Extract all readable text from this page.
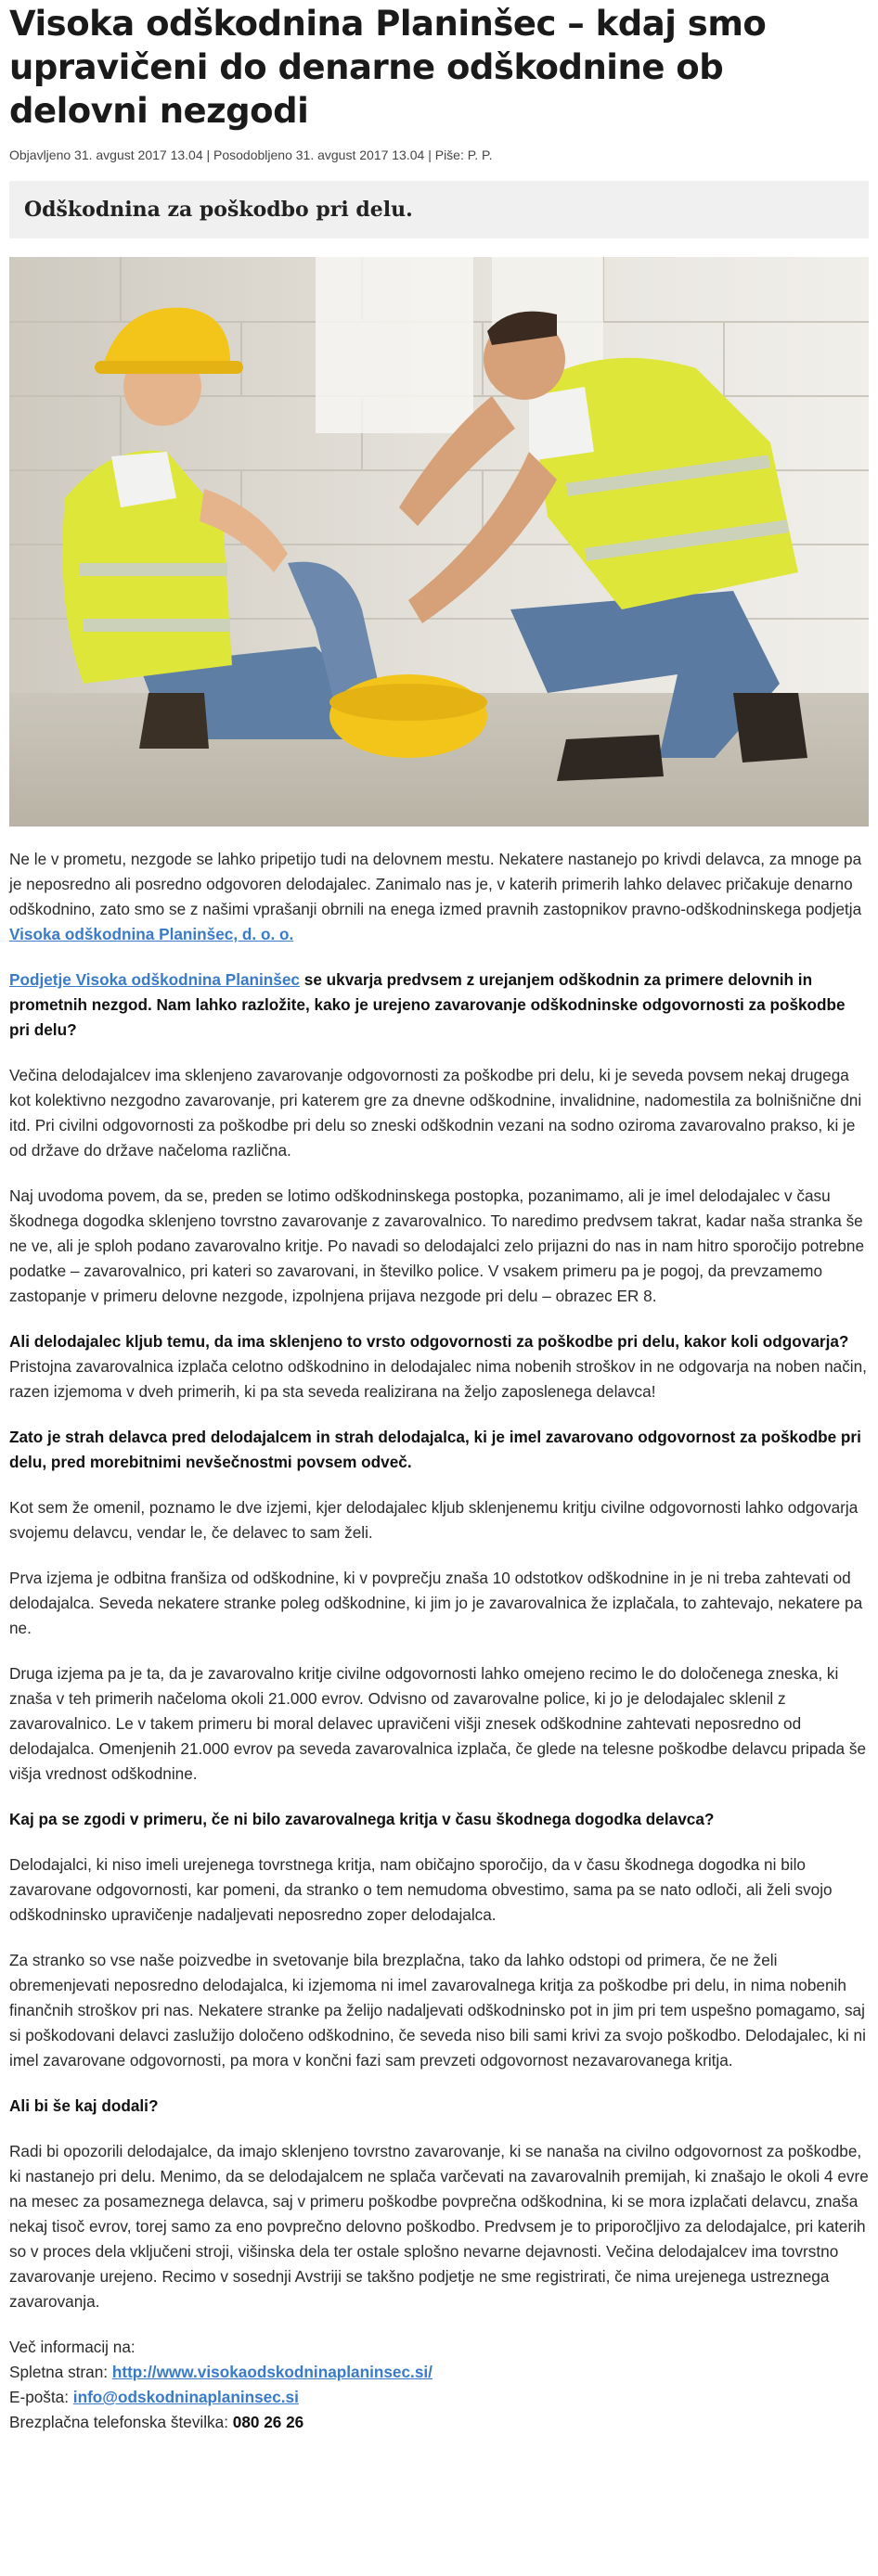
Visoka odškodnina Planinšec – kdaj smo upravičeni do denarne odškodnine ob delovni nezgodi
Objavljeno 31. avgust 2017 13.04 | Posodobljeno 31. avgust 2017 13.04 | Piše: P. P.
Odškodnina za poškodbo pri delu.

Ne le v prometu, nezgode se lahko pripetijo tudi na delovnem mestu. Nekatere nastanejo po krivdi delavca, za mnoge pa je neposredno ali posredno odgovoren delodajalec. Zanimalo nas je, v katerih primerih lahko delavec pričakuje denarno odškodnino, zato smo se z našimi vprašanji obrnili na enega izmed pravnih zastopnikov pravno-odškodninskega podjetja Visoka odškodnina Planinšec, d. o. o.

Podjetje Visoka odškodnina Planinšec se ukvarja predvsem z urejanjem odškodnin za primere delovnih in prometnih nezgod. Nam lahko razložite, kako je urejeno zavarovanje odškodninske odgovornosti za poškodbe pri delu?

Večina delodajalcev ima sklenjeno zavarovanje odgovornosti za poškodbe pri delu, ki je seveda povsem nekaj drugega kot kolektivno nezgodno zavarovanje, pri katerem gre za dnevne odškodnine, invalidnine, nadomestila za bolnišnične dni itd. Pri civilni odgovornosti za poškodbe pri delu so zneski odškodnin vezani na sodno oziroma zavarovalno prakso, ki je od države do države načeloma različna.

Naj uvodoma povem, da se, preden se lotimo odškodninskega postopka, pozanimamo, ali je imel delodajalec v času škodnega dogodka sklenjeno tovrstno zavarovanje z zavarovalnico. To naredimo predvsem takrat, kadar naša stranka še ne ve, ali je sploh podano zavarovalno kritje. Po navadi so delodajalci zelo prijazni do nas in nam hitro sporočijo potrebne podatke – zavarovalnico, pri kateri so zavarovani, in številko police. V vsakem primeru pa je pogoj, da prevzamemo zastopanje v primeru delovne nezgode, izpolnjena prijava nezgode pri delu – obrazec ER 8.

Ali delodajalec kljub temu, da ima sklenjeno to vrsto odgovornosti za poškodbe pri delu, kakor koli odgovarja?Pristojna zavarovalnica izplača celotno odškodnino in delodajalec nima nobenih stroškov in ne odgovarja na noben način, razen izjemoma v dveh primerih, ki pa sta seveda realizirana na željo zaposlenega delavca!

Zato je strah delavca pred delodajalcem in strah delodajalca, ki je imel zavarovano odgovornost za poškodbe pri delu, pred morebitnimi nevšečnostmi povsem odveč.

Kot sem že omenil, poznamo le dve izjemi, kjer delodajalec kljub sklenjenemu kritju civilne odgovornosti lahko odgovarja svojemu delavcu, vendar le, če delavec to sam želi.

Prva izjema je odbitna franšiza od odškodnine, ki v povprečju znaša 10 odstotkov odškodnine in je ni treba zahtevati od delodajalca. Seveda nekatere stranke poleg odškodnine, ki jim jo je zavarovalnica že izplačala, to zahtevajo, nekatere pa ne.

Druga izjema pa je ta, da je zavarovalno kritje civilne odgovornosti lahko omejeno recimo le do določenega zneska, ki znaša v teh primerih načeloma okoli 21.000 evrov. Odvisno od zavarovalne police, ki jo je delodajalec sklenil z zavarovalnico. Le v takem primeru bi moral delavec upravičeni višji znesek odškodnine zahtevati neposredno od delodajalca. Omenjenih 21.000 evrov pa seveda zavarovalnica izplača, če glede na telesne poškodbe delavcu pripada še višja vrednost odškodnine.

Kaj pa se zgodi v primeru, če ni bilo zavarovalnega kritja v času škodnega dogodka delavca?

Delodajalci, ki niso imeli urejenega tovrstnega kritja, nam običajno sporočijo, da v času škodnega dogodka ni bilo zavarovane odgovornosti, kar pomeni, da stranko o tem nemudoma obvestimo, sama pa se nato odloči, ali želi svojo odškodninsko upravičenje nadaljevati neposredno zoper delodajalca.

Za stranko so vse naše poizvedbe in svetovanje bila brezplačna, tako da lahko odstopi od primera, če ne želi obremenjevati neposredno delodajalca, ki izjemoma ni imel zavarovalnega kritja za poškodbe pri delu, in nima nobenih finančnih stroškov pri nas. Nekatere stranke pa želijo nadaljevati odškodninsko pot in jim pri tem uspešno pomagamo, saj si poškodovani delavci zaslužijo določeno odškodnino, če seveda niso bili sami krivi za svojo poškodbo. Delodajalec, ki ni imel zavarovane odgovornosti, pa mora v končni fazi sam prevzeti odgovornost nezavarovanega kritja.

Ali bi še kaj dodali?

Radi bi opozorili delodajalce, da imajo sklenjeno tovrstno zavarovanje, ki se nanaša na civilno odgovornost za poškodbe, ki nastanejo pri delu. Menimo, da se delodajalcem ne splača varčevati na zavarovalnih premijah, ki znašajo le okoli 4 evre na mesec za posameznega delavca, saj v primeru poškodbe povprečna odškodnina, ki se mora izplačati delavcu, znaša nekaj tisoč evrov, torej samo za eno povprečno delovno poškodbo. Predvsem je to priporočljivo za delodajalce, pri katerih so v proces dela vključeni stroji, višinska dela ter ostale splošno nevarne dejavnosti. Večina delodajalcev ima tovrstno zavarovanje urejeno. Recimo v sosednji Avstriji se takšno podjetje ne sme registrirati, če nima urejenega ustreznega zavarovanja.

Več informacij na:

Spletna stran: http://www.visokaodskodninaplaninsec.si/

E-pošta: info@odskodninaplaninsec.si

Brezplačna telefonska številka: 080 26 26
